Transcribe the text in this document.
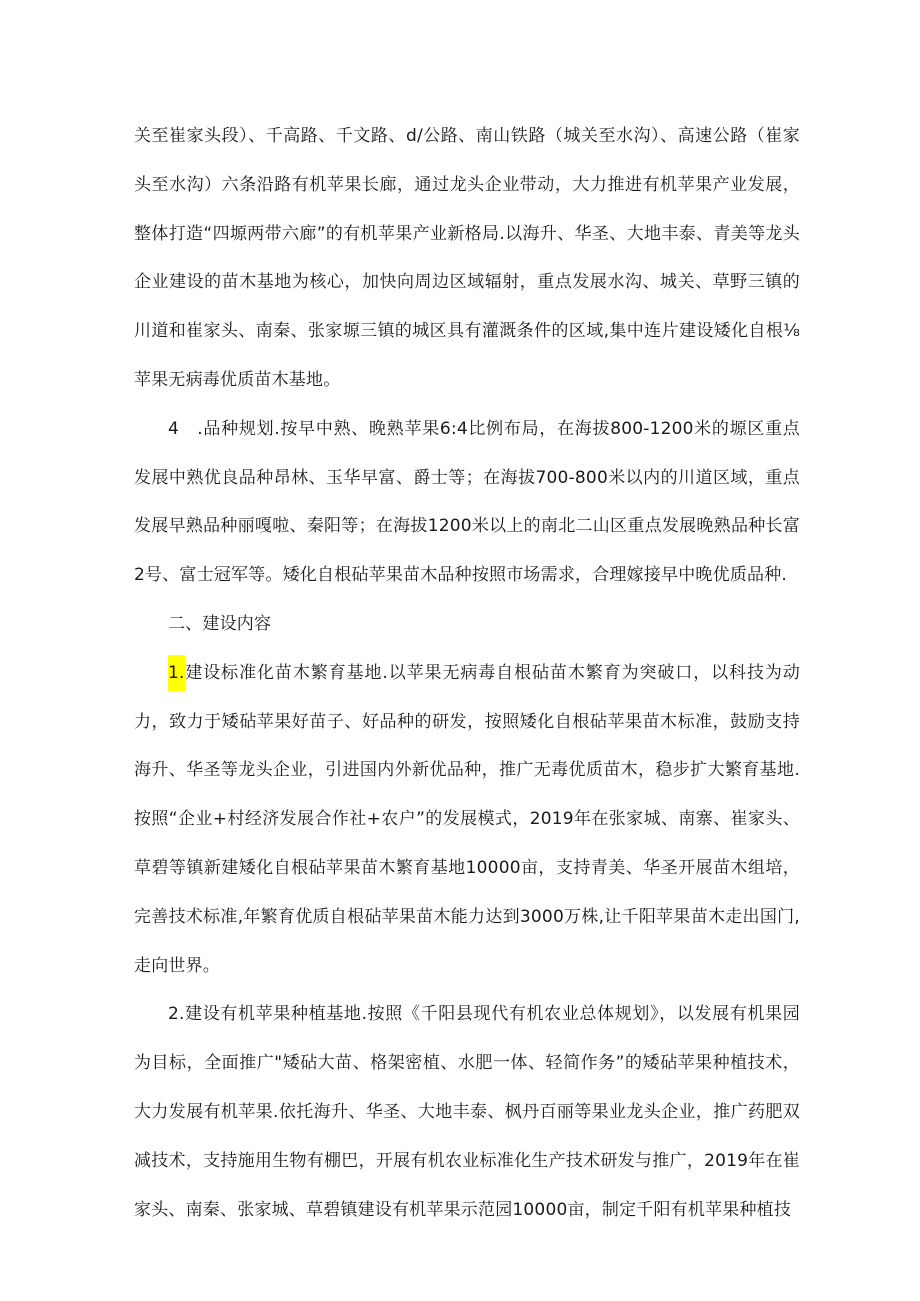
关至崔家头段）、千高路、千文路、d/公路、南山铁路（城关至水沟）、高速公路（崔家头至水沟）六条沿路有机苹果长廊，通过龙头企业带动，大力推进有机苹果产业发展，整体打造“四塬两带六廊”的有机苹果产业新格局.以海升、华圣、大地丰泰、青美等龙头企业建设的苗木基地为核心，加快向周边区域辐射，重点发展水沟、城关、草野三镇的川道和崔家头、南秦、张家塬三镇的城区具有灌溉条件的区域,集中连片建设矮化自根⅛苹果无病毒优质苗木基地。

4　.品种规划.按早中熟、晚熟苹果6:4比例布局，在海拔800-1200米的塬区重点发展中熟优良品种昂林、玉华早富、爵士等；在海拔700-800米以内的川道区域，重点发展早熟品种丽嘎啦、秦阳等；在海拔1200米以上的南北二山区重点发展晚熟品种长富2号、富士冠军等。矮化自根砧苹果苗木品种按照市场需求，合理嫁接早中晚优质品种.

二、建设内容

1.建设标准化苗木繁育基地.以苹果无病毒自根砧苗木繁育为突破口，以科技为动力，致力于矮砧苹果好苗子、好品种的研发，按照矮化自根砧苹果苗木标准，鼓励支持海升、华圣等龙头企业，引进国内外新优品种，推广无毒优质苗木，稳步扩大繁育基地.按照“企业+村经济发展合作社+农户”的发展模式，2019年在张家城、南寨、崔家头、草碧等镇新建矮化自根砧苹果苗木繁育基地10000亩，支持青美、华圣开展苗木组培，完善技术标准,年繁育优质自根砧苹果苗木能力达到3000万株,让千阳苹果苗木走出国门,走向世界。

2.建设有机苹果种植基地.按照《千阳县现代有机农业总体规划》，以发展有机果园为目标，全面推广"矮砧大苗、格架密植、水肥一体、轻简作务”的矮砧苹果种植技术，大力发展有机苹果.依托海升、华圣、大地丰泰、枫丹百丽等果业龙头企业，推广药肥双减技术，支持施用生物有棚巴，开展有机农业标准化生产技术研发与推广，2019年在崔家头、南秦、张家城、草碧镇建设有机苹果示范园10000亩，制定千阳有机苹果种植技
